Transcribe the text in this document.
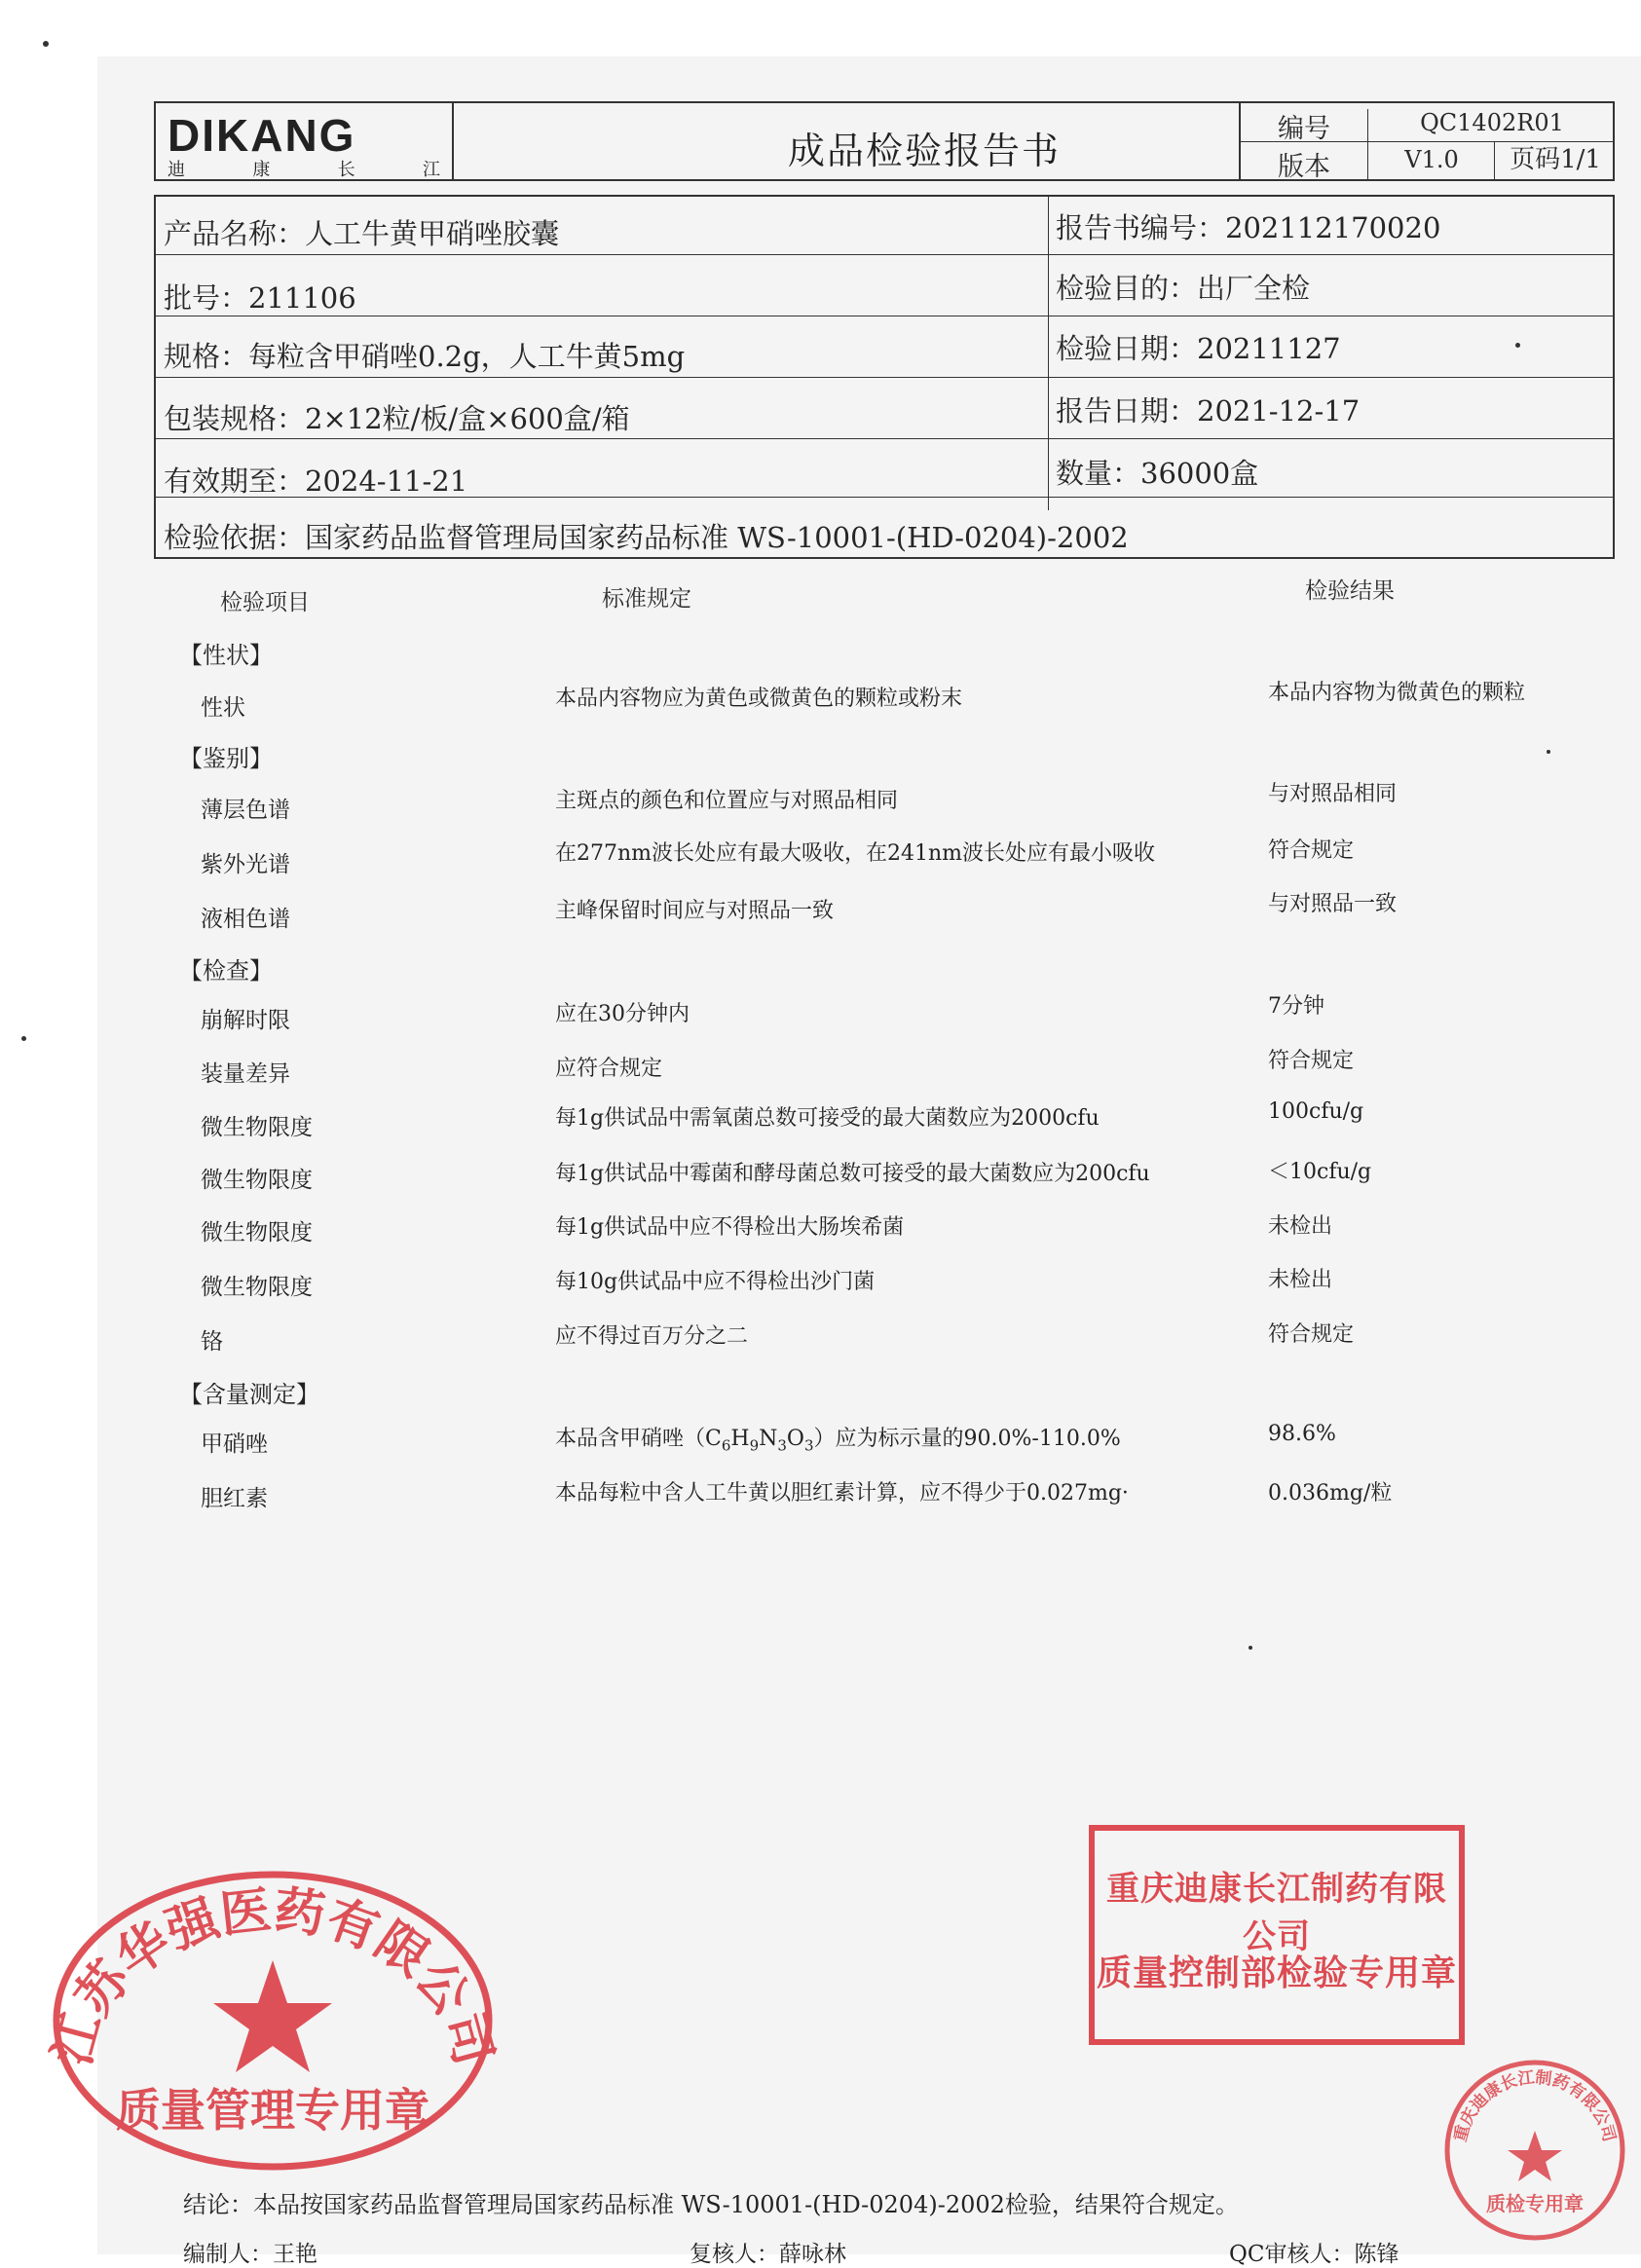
DIKANG
迪	康	长	江	成品检验报告书
编号	QC1402R01
版本	V1.0	页码1/1
产品名称：人工牛黄甲硝唑胶囊	报告书编号：202112170020
批号：211106	检验目的：出厂全检
规格：每粒含甲硝唑0.2g，人工牛黄5mg	检验日期：20211127
包装规格：2×12粒/板/盒×600盒/箱	报告日期：2021-12-17
有效期至：2024-11-21	数量：36000盒
检验依据：国家药品监督管理局国家药品标准 WS-10001-(HD-0204)-2002
检验项目	标准规定	检验结果
【性状】
性状	本品内容物应为黄色或微黄色的颗粒或粉末	本品内容物为微黄色的颗粒
【鉴别】
薄层色谱	主斑点的颜色和位置应与对照品相同	与对照品相同
紫外光谱	在277nm波长处应有最大吸收，在241nm波长处应有最小吸收	符合规定
液相色谱	主峰保留时间应与对照品一致	与对照品一致
【检查】
崩解时限	应在30分钟内	7分钟
装量差异	应符合规定	符合规定
微生物限度	每1g供试品中需氧菌总数可接受的最大菌数应为2000cfu	100cfu/g
微生物限度	每1g供试品中霉菌和酵母菌总数可接受的最大菌数应为200cfu	＜10cfu/g
微生物限度	每1g供试品中应不得检出大肠埃希菌	未检出
微生物限度	每10g供试品中应不得检出沙门菌	未检出
铬	应不得过百万分之二	符合规定
【含量测定】
甲硝唑	本品含甲硝唑$(C_6H_9N_3O_3)$应为标示量的90.0%-110.0%	98.6%
胆红素	本品每粒中含人工牛黄以胆红素计算，应不得少于0.027mg·	0.036mg/粒
江苏华强医药有限公司
质量管理专用章
重庆迪康长江制药有限公司
质量控制部检验专用章
重庆迪康长江制药有限公司
质检专用章
结论：本品按国家药品监督管理局国家药品标准 WS-10001-(HD-0204)-2002检验，结果符合规定。
编制人：王艳	复核人：薛咏林	QC审核人：陈锋
